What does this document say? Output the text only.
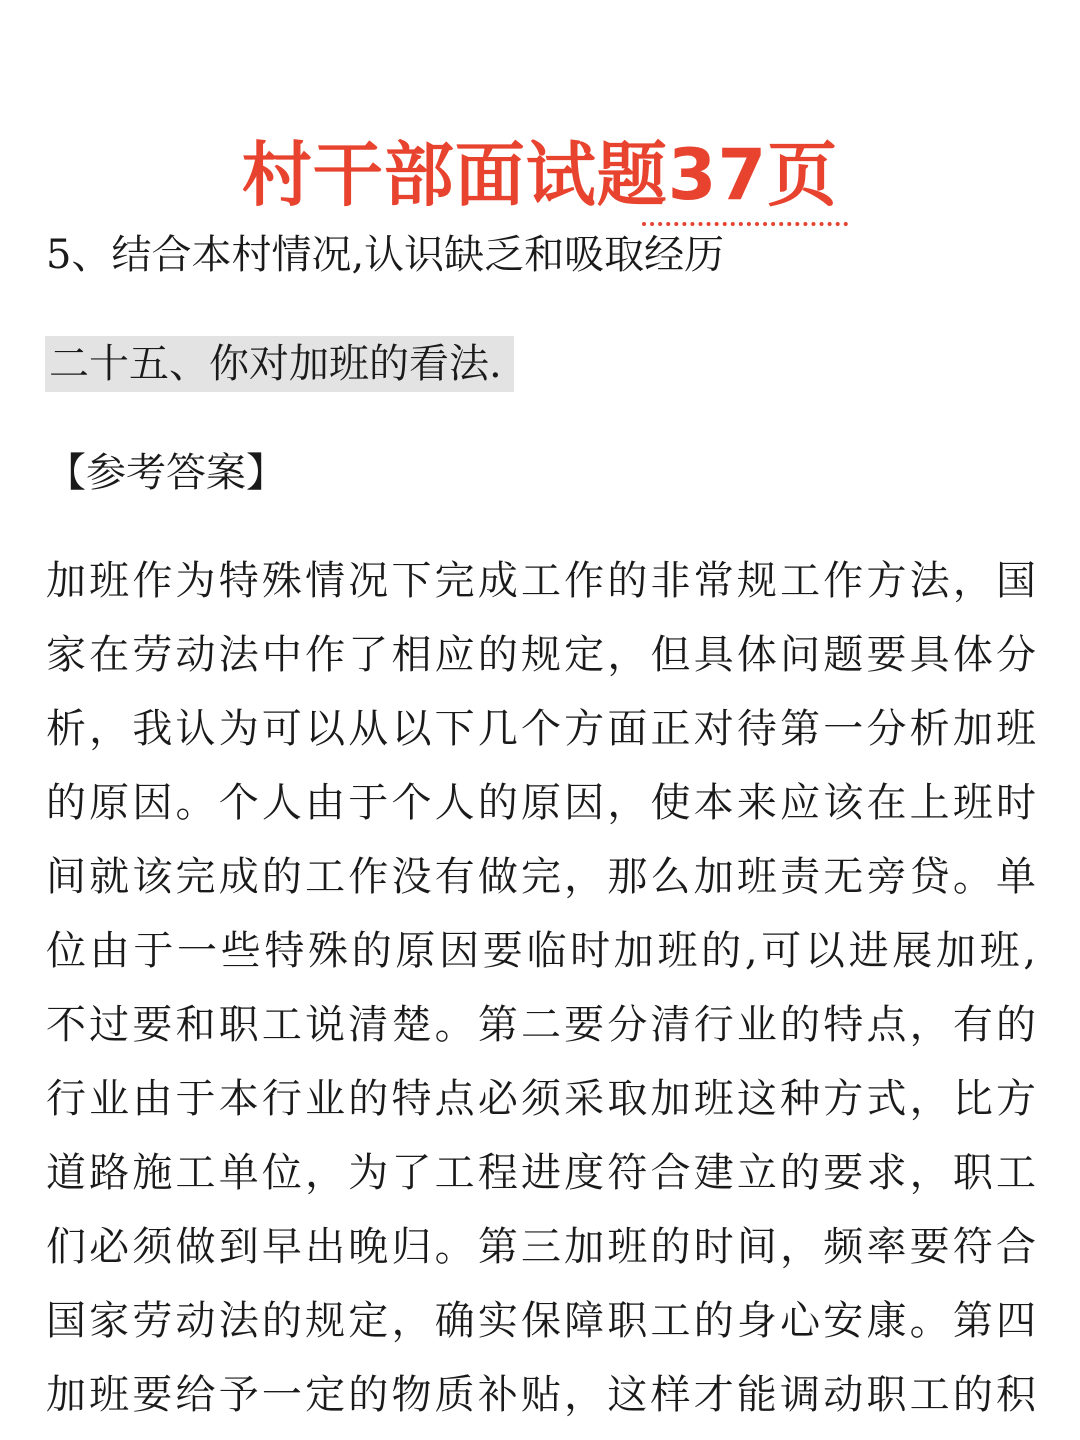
村干部面试题37页
5、结合本村情况,认识缺乏和吸取经历
二十五、你对加班的看法.
【参考答案】
加班作为特殊情况下完成工作的非常规工作方法，国
家在劳动法中作了相应的规定，但具体问题要具体分
析，我认为可以从以下几个方面正对待第一分析加班
的原因。个人由于个人的原因，使本来应该在上班时
间就该完成的工作没有做完，那么加班责无旁贷。单
位由于一些特殊的原因要临时加班的,可以进展加班,
不过要和职工说清楚。第二要分清行业的特点，有的
行业由于本行业的特点必须采取加班这种方式，比方
道路施工单位，为了工程进度符合建立的要求，职工
们必须做到早出晚归。第三加班的时间，频率要符合
国家劳动法的规定，确实保障职工的身心安康。第四
加班要给予一定的物质补贴，这样才能调动职工的积
